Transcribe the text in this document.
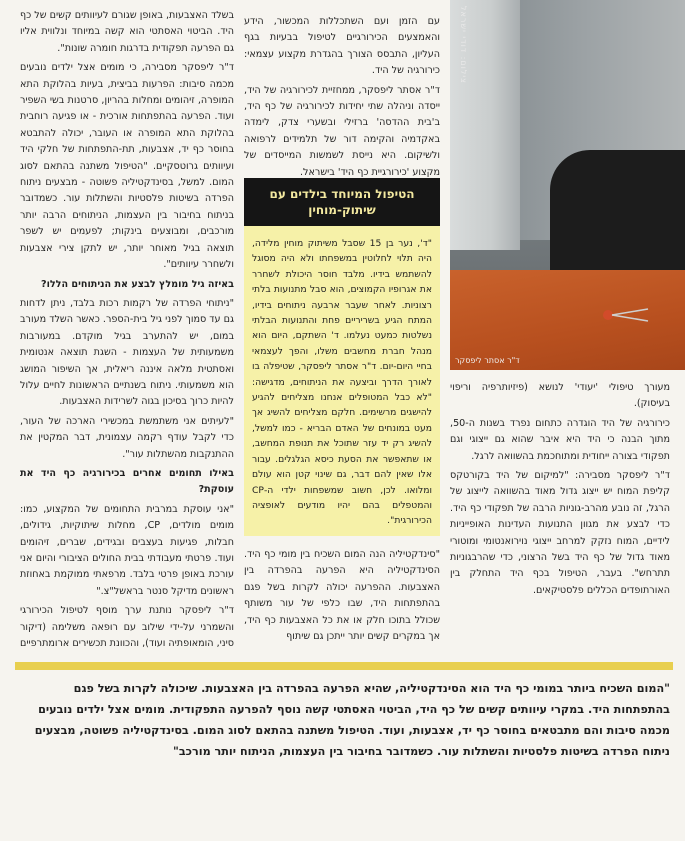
צילום: דודי ישראל
ד"ר אסתר ליפסקר

עם הזמן ועם השתכללות המכשור, הידע והאמצעים הכירורגיים לטיפול בבעיות בגף העליון, התבסס הצורך בהגדרת מקצוע עצמאי: כירורגיה של היד.

ד"ר אסתר ליפסקר, ממחזיית לכירורגיה של היד, ייסדה וניהלה שתי יחידות לכירורגיה של כף היד, ב'בית ההדסה' ברזילי ובשערי צדק, לימדה באקדמיה והקימה דור של תלמידים לרפואה ולשיקום. היא נייסת לשמשות המייסדים של מקצוע 'כירורגיית כף היד' בישראל.

הטיפול המיוחד בילדים עם שיתוק-מוחין
"ד', נער בן 15 שסבל משיתוק מוחין מלידה, היה תלוי לחלוטין במשפחתו ולא היה מסוגל להשתמש בידיו. מלבד חוסר היכולת לשחרר את אגרופיו הקמוצים, הוא סבל מתנועות בלתי רצוניות. לאחר שעבר ארבעה ניתוחים בידיו, המתח הגיע בשריריים פחת והתנועות הבלתי נשלטות כמעט נעלמו. ד' השתקם, היום הוא מנהל חברת מחשבים משלו, והפך לעצמאי בחיי היום-יום. ד"ר אסתר ליפסקר, שטיפלה בו לאורך הדרך וביצעה את הניתוחים, מדגישה: "לא כבל המטופלים אנחנו מצליחים להגיע להישגים מרשימים. חלקם מצליחים להשיג אך מעט במונחים של האדם הבריא - כמו למשל, להשיג רק יד עזר שתוכל את תנופת המחשב, או שתאפשר את הסעת כיסא הגלגלים. עבור אלו שאין להם דבר, גם שינוי קטן הוא עולם ומלואו. לכן, חשוב שמשפחות ילדי ה-CP והמטפלים בהם יהיו מודעים לאופציה הכירורגית".

"סינדקטיליה הנה המום השכיח בין מומי כף היד. הסינדקטיליה היא הפרעה בהפרדה בין האצבעות. ההפרעה יכולה לקרות בשל פגם בהתפתחות היד, שבו כלפי של עור משותף שכולל בתוכו חלק או את כל האצבעות כף היד, אך במקרים קשים יותר ייתכן גם שיתוף

מעורך טיפולי 'יעודי' לנושא (פיזיותרפיה וריפוי בעיסוק).

כירורגיה של היד הוגדרה כתחום נפרד בשנות ה-50, מתוך הבנה כי היד היא איבר שהוא גם ייצוגי וגם תפקודי בצורה ייחודית ומתוחכמת בהשוואה לרגל.

ד"ר ליפסקר מסבירה: "למיקום של היד בקורטקס קליפת המוח יש ייצוג גדול מאוד בהשוואה לייצוג של הרגל, זה נובע מהרב-גוניות הרבה של תפקודי כף היד. כדי לבצע את מגוון התנועות העדינות האופייניות לידיים, המוח נזקק למרחב ייצוגי נוירואנטומי ומוטורי מאוד גדול של כף היד בשל הרצוני, כדי שהרבגוניות תתרחש". בעבר, הטיפול בכף היד התחלק בין האורתופדים הכללים פלסטיקאים.

בשלד האצבעות, באופן שגורם לעיוותים קשים של כף היד. הביטוי האסתטי הוא קשה במיוחד ונלווית אליו גם הפרעה תפקודית בדרגות חומרה שונות".

ד"ר ליפסקר מסבירה, כי מומים אצל ילדים נובעים מכמה סיבות: הפרעות בביצית, בעיות בהלוקת התא המופרה, זיהומים ומחלות בהריון, סרטנות בשי השפיר ועוד. הפרעה בהתפתחות אורכית - או פגיעה רוחבית בהלוקת התא המופרה או העובר, יכולה להתבטא בחוסר כף יד, אצבעות, תת-התפתחות של חלקי היד ועיוותים גרוטסקיים. "הטיפול משתנה בהתאם לסוג המום. למשל, בסינדקטיליה פשוטה - מבצעים ניתוח הפרדה בשיטות פלסטיות והשתלות עור. כשמדובר בניתוח בחיבור בין העצמות, הניתוחים הרבה יותר מורכבים, ומבוצעים בינקות; לפעמים יש לשפר תוצאה בגיל מאוחר יותר, יש לתקן צירי אצבעות ולשחרר עיוותים".

באיזה גיל מומלץ לבצע את הניתוחים הללו?

"ניתוחי הפרדה של רקמות רכות בלבד, ניתן לדחות גם עד סמוך לפני גיל בית-הספר. כאשר השלד מעורב במום, יש להתערב בגיל מוקדם. במעורבות משמעותית של העצמות - השגת תוצאה אנטומית ואסתטית מלאה איננה ריאלית, אך השיפור המושג הוא משמעותי. ניתוח בשנתיים הראשונות לחיים עלול להיות כרוך בסיכון בגוה לשרידות האצבעות.

"לעיתים אני משתמשת במכשירי הארכה של העור, כדי לקבל עודף רקמה עצמונית, דבר המקטין את ההתנקבות מהשתלות עור".

באילו תחומים אחרים בכירורגיה כף היד את עוסקת?

"אני עוסקת במרבית התחומים של המקצוע, כמו: מומים מולדים, CP, מחלות שיתוקיות, גידולים, חבלות, פגיעות בעצבים ובגידים, שברים, זיהומים ועוד. פרטתי מעבודתי בבית החולים הציבורי והיום אני עורכת באופן פרטי בלבד. מרפאתי ממוקמת באחוזת ראשונים מדיקל סנטר בראשל"צ."

ד"ר ליפסקר נותנת ערך מוסף לטיפול הכירורגי והשמרני על-ידי שילוב עם רופאה משלימה (דיקור סיני, הומאופתיה ועוד), והכוונת תכשירים ארומתרפיים

"המום השכיח ביותר במומי כף היד הוא הסינדקטיליה, שהיא הפרעה בהפרדה בין האצבעות. שיכולה לקרות בשל פגם בהתפתחות היד. במקרי עיוותים קשים של כף היד, הביטוי האסתטי קשה נוסף להפרעה התפקודית. מומים אצל ילדים נובעים מכמה סיבות והם מתבטאים בחוסר כף יד, אצבעות, ועוד. הטיפול משתנה בהתאם לסוג המום. בסינדקטיליה פשוטה, מבצעים ניתוח הפרדה בשיטות פלסטיות והשתלות עור. כשמדובר בחיבור בין העצמות, הניתוח יותר מורכב"
